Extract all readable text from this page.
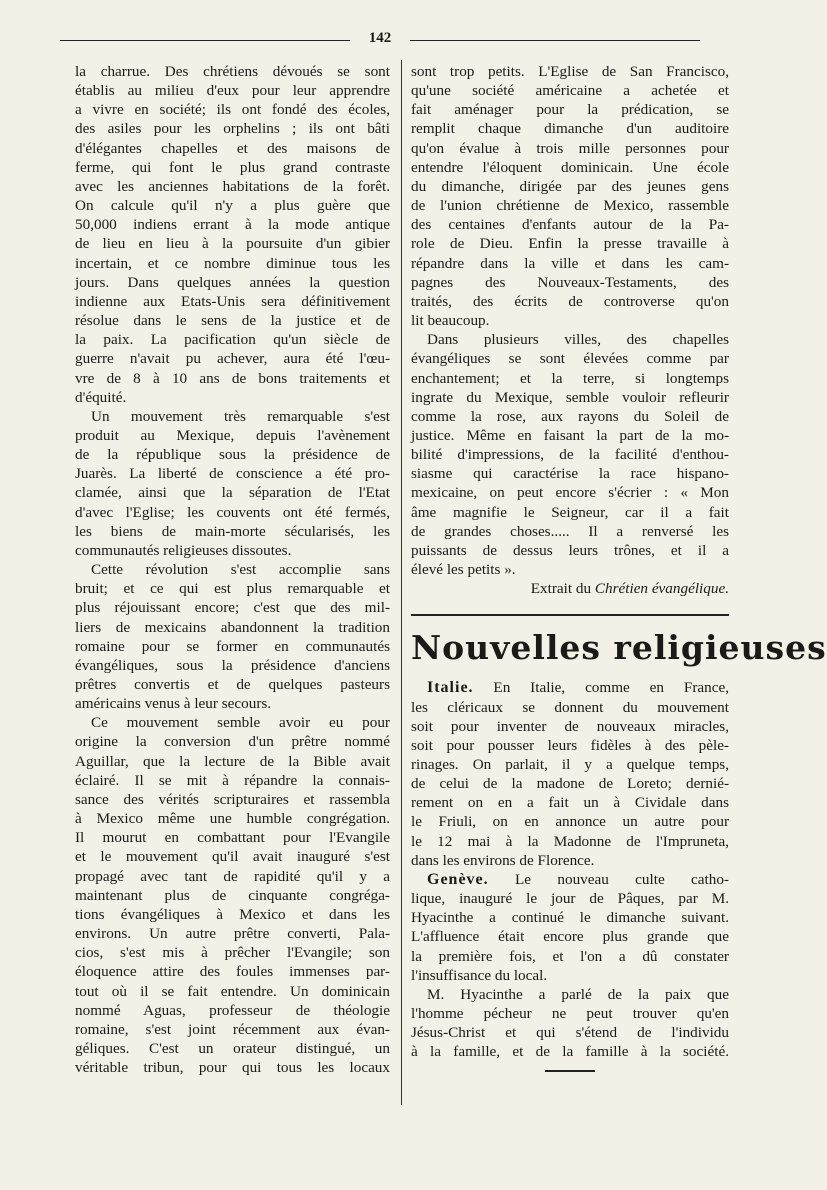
142
la charrue. Des chrétiens dévoués se sont
établis au milieu d'eux pour leur apprendre
a vivre en société; ils ont fondé des écoles,
des asiles pour les orphelins ; ils ont bâti
d'élégantes chapelles et des maisons de
ferme, qui font le plus grand contraste
avec les anciennes habitations de la forêt.
On calcule qu'il n'y a plus guère que
50,000 indiens errant à la mode antique
de lieu en lieu à la poursuite d'un gibier
incertain, et ce nombre diminue tous les
jours. Dans quelques années la question
indienne aux Etats-Unis sera définitivement
résolue dans le sens de la justice et de
la paix. La pacification qu'un siècle de
guerre n'avait pu achever, aura été l'œu-
vre de 8 à 10 ans de bons traitements et
d'équité.
Un mouvement très remarquable s'est
produit au Mexique, depuis l'avènement
de la république sous la présidence de
Juarès. La liberté de conscience a été pro-
clamée, ainsi que la séparation de l'Etat
d'avec l'Eglise; les couvents ont été fermés,
les biens de main-morte sécularisés, les
communautés religieuses dissoutes.
Cette révolution s'est accomplie sans
bruit; et ce qui est plus remarquable et
plus réjouissant encore; c'est que des mil-
liers de mexicains abandonnent la tradition
romaine pour se former en communautés
évangéliques, sous la présidence d'anciens
prêtres convertis et de quelques pasteurs
américains venus à leur secours.
Ce mouvement semble avoir eu pour
origine la conversion d'un prêtre nommé
Aguillar, que la lecture de la Bible avait
éclairé. Il se mit à répandre la connais-
sance des vérités scripturaires et rassembla
à Mexico même une humble congrégation.
Il mourut en combattant pour l'Evangile
et le mouvement qu'il avait inauguré s'est
propagé avec tant de rapidité qu'il y a
maintenant plus de cinquante congréga-
tions évangéliques à Mexico et dans les
environs. Un autre prêtre converti, Pala-
cios, s'est mis à prêcher l'Evangile; son
éloquence attire des foules immenses par-
tout où il se fait entendre. Un dominicain
nommé Aguas, professeur de théologie
romaine, s'est joint récemment aux évan-
géliques. C'est un orateur distingué, un
véritable tribun, pour qui tous les locaux
sont trop petits. L'Eglise de San Francisco,
qu'une société américaine a achetée et
fait aménager pour la prédication, se
remplit chaque dimanche d'un auditoire
qu'on évalue à trois mille personnes pour
entendre l'éloquent dominicain. Une école
du dimanche, dirigée par des jeunes gens
de l'union chrétienne de Mexico, rassemble
des centaines d'enfants autour de la Pa-
role de Dieu. Enfin la presse travaille à
répandre dans la ville et dans les cam-
pagnes des Nouveaux-Testaments, des
traités, des écrits de controverse qu'on
lit beaucoup.
Dans plusieurs villes, des chapelles
évangéliques se sont élevées comme par
enchantement; et la terre, si longtemps
ingrate du Mexique, semble vouloir refleurir
comme la rose, aux rayons du Soleil de
justice. Même en faisant la part de la mo-
bilité d'impressions, de la facilité d'enthou-
siasme qui caractérise la race hispano-
mexicaine, on peut encore s'écrier : « Mon
âme magnifie le Seigneur, car il a fait
de grandes choses..... Il a renversé les
puissants de dessus leurs trônes, et il a
élevé les petits ».
Extrait du Chrétien évangélique.
Nouvelles religieuses
Italie. En Italie, comme en France,
les cléricaux se donnent du mouvement
soit pour inventer de nouveaux miracles,
soit pour pousser leurs fidèles à des pèle-
rinages. On parlait, il y a quelque temps,
de celui de la madone de Loreto; dernié-
rement on en a fait un à Cividale dans
le Friuli, on en annonce un autre pour
le 12 mai à la Madonne de l'Impruneta,
dans les environs de Florence.
Genève. Le nouveau culte catho-
lique, inauguré le jour de Pâques, par M.
Hyacinthe a continué le dimanche suivant.
L'affluence était encore plus grande que
la première fois, et l'on a dû constater
l'insuffisance du local.
M. Hyacinthe a parlé de la paix que
l'homme pécheur ne peut trouver qu'en
Jésus-Christ et qui s'étend de l'individu
à la famille, et de la famille à la société.
